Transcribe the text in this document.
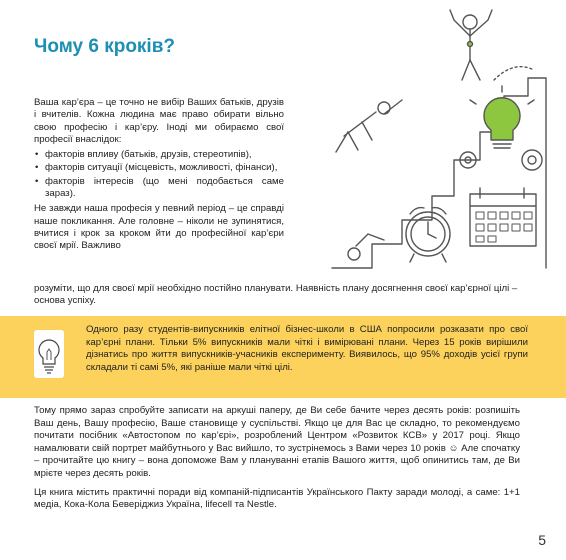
Чому 6 кроків?

Ваша кар’єра – це точно не вибір Ваших батьків, друзів і вчителів. Кожна людина має право обирати вільно свою професію і кар’єру. Іноді ми обираємо свої професії внаслідок:

• факторів впливу (батьків, друзів, стереотипів),
• факторів ситуації (місцевість, можливості, фінанси),
• факторів інтересів (що мені подобається саме зараз).

Не завжди наша професія у певний період – це справді наше покликання. Але головне – ніколи не зупинятися, вчитися і крок за кроком йти до професійної кар’єри своєї мрії. Важливо

розуміти, що для своєї мрії необхідно постійно планувати. Наявність плану досягнення своєї кар’єрної цілі – основа успіху.

Одного разу студентів-випускників елітної бізнес-школи в США попросили розказати про свої кар’єрні плани. Тільки 5% випускників мали чіткі і вимірювані плани. Через 15 років вирішили дізнатись про життя випускників-учасників експерименту. Виявилось, що 95% доходів усієї групи складали ті самі 5%, які раніше мали чіткі цілі.

Тому прямо зараз спробуйте записати на аркуші паперу, де Ви себе бачите через десять років: розпишіть Ваш день, Вашу професію, Ваше становище у суспільстві. Якщо це для Вас це складно, то рекомендуємо почитати посібник «Автостопом по кар’єрі», розроблений Центром «Розвиток КСВ» у 2017 році. Якщо намалювати свій портрет майбутнього у Вас вийшло, то зустрінемось з Вами через 10 років ☺ Але спочатку – прочитайте цю книгу – вона допоможе Вам у плануванні етапів Вашого життя, щоб опинитись там, де Ви мрієте через десять років.

Ця книга містить практичні поради від компаній-підписантів Українського Пакту заради молоді, а саме: 1+1 медіа, Кока-Кола Беверіджиз Україна, lifecell та Nestle.

5
